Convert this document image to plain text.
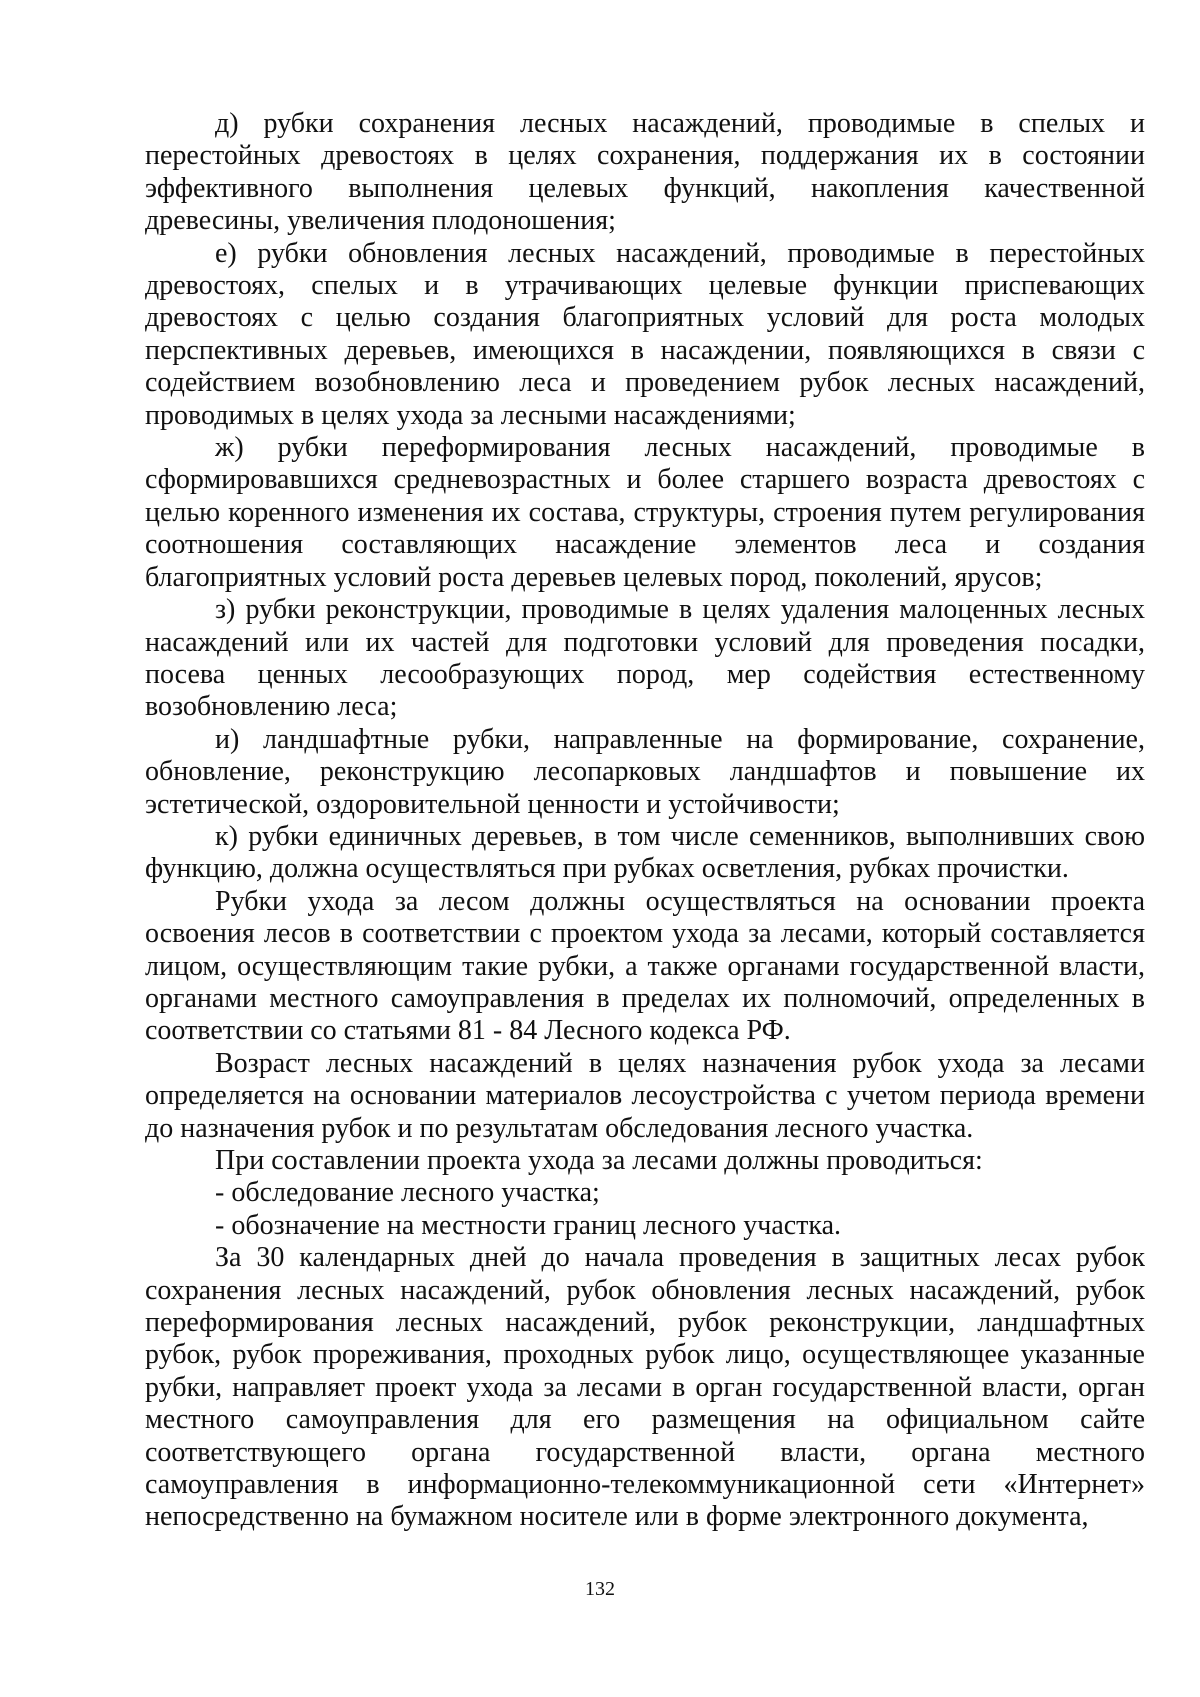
д) рубки сохранения лесных насаждений, проводимые в спелых и перестойных древостоях в целях сохранения, поддержания их в состоянии эффективного выполнения целевых функций, накопления качественной древесины, увеличения плодоношения;

е) рубки обновления лесных насаждений, проводимые в перестойных древостоях, спелых и в утрачивающих целевые функции приспевающих древостоях с целью создания благоприятных условий для роста молодых перспективных деревьев, имеющихся в насаждении, появляющихся в связи с содействием возобновлению леса и проведением рубок лесных насаждений, проводимых в целях ухода за лесными насаждениями;

ж) рубки переформирования лесных насаждений, проводимые в сформировавшихся средневозрастных и более старшего возраста древостоях с целью коренного изменения их состава, структуры, строения путем регулирования соотношения составляющих насаждение элементов леса и создания благоприятных условий роста деревьев целевых пород, поколений, ярусов;

з) рубки реконструкции, проводимые в целях удаления малоценных лесных насаждений или их частей для подготовки условий для проведения посадки, посева ценных лесообразующих пород, мер содействия естественному возобновлению леса;

и) ландшафтные рубки, направленные на формирование, сохранение, обновление, реконструкцию лесопарковых ландшафтов и повышение их эстетической, оздоровительной ценности и устойчивости;

к) рубки единичных деревьев, в том числе семенников, выполнивших свою функцию, должна осуществляться при рубках осветления, рубках прочистки.

Рубки ухода за лесом должны осуществляться на основании проекта освоения лесов в соответствии с проектом ухода за лесами, который составляется лицом, осуществляющим такие рубки, а также органами государственной власти, органами местного самоуправления в пределах их полномочий, определенных в соответствии со статьями 81 - 84 Лесного кодекса РФ.

Возраст лесных насаждений в целях назначения рубок ухода за лесами определяется на основании материалов лесоустройства с учетом периода времени до назначения рубок и по результатам обследования лесного участка.

При составлении проекта ухода за лесами должны проводиться:

- обследование лесного участка;

- обозначение на местности границ лесного участка.

За 30 календарных дней до начала проведения в защитных лесах рубок сохранения лесных насаждений, рубок обновления лесных насаждений, рубок переформирования лесных насаждений, рубок реконструкции, ландшафтных рубок, рубок прореживания, проходных рубок лицо, осуществляющее указанные рубки, направляет проект ухода за лесами в орган государственной власти, орган местного самоуправления для его размещения на официальном сайте соответствующего органа государственной власти, органа местного самоуправления в информационно-телекоммуникационной сети «Интернет» непосредственно на бумажном носителе или в форме электронного документа,

132
